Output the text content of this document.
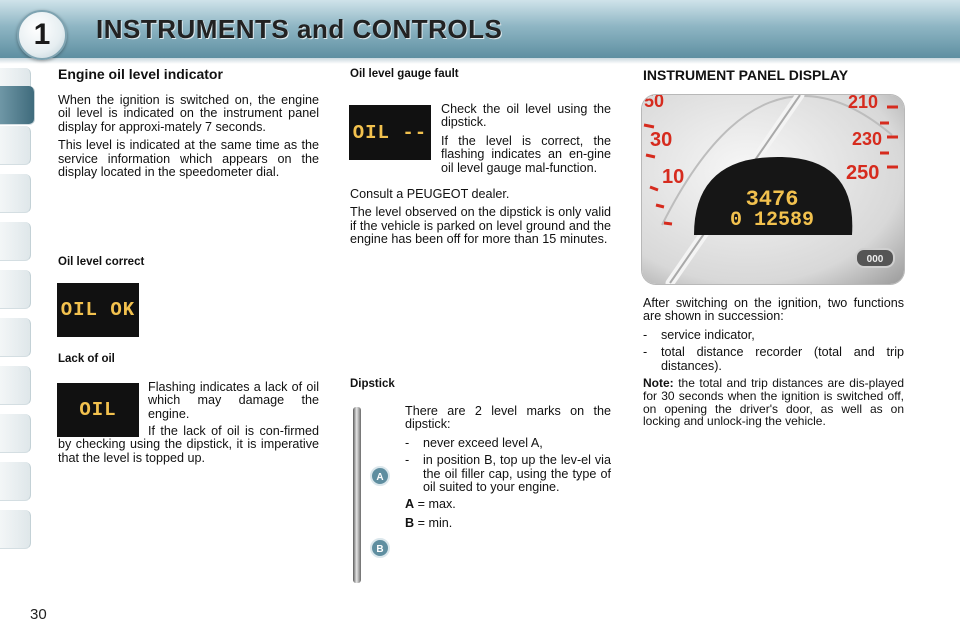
1	INSTRUMENTS and CONTROLS
Engine oil level indicator

When the ignition is switched on, the engine oil level is indicated on the instrument panel display for approxi-mately 7 seconds.

This level is indicated at the same time as the service information which appears on the display located in the speedometer dial.

Oil level correct
OIL OK
Lack of oil
OIL

Flashing indicates a lack of oil which may damage the engine.

If the lack of oil is con-firmed by checking using the dipstick, it is imperative that the level is topped up.

Oil level gauge fault
OIL --

Check the oil level using the dipstick.

If the level is correct, the flashing indicates an en-gine oil level gauge mal-function.

Consult a PEUGEOT dealer.

The level observed on the dipstick is only valid if the vehicle is parked on level ground and the engine has been off for more than 15 minutes.

Dipstick
A
B

There are 2 level marks on the dipstick:

- never exceed level A,
- in position B, top up the lev-el via the oil filler cap, using the type of oil suited to your engine.

A = max.

B = min.

INSTRUMENT PANEL DISPLAY
50
30
10
210
230
250
3476
0 12589
000

After switching on the ignition, two functions are shown in succession:

- service indicator,
- total distance recorder (total and trip distances).

Note: the total and trip distances are dis-played for 30 seconds when the ignition is switched off, on opening the driver's door, as well as on locking and unlock-ing the vehicle.

30
